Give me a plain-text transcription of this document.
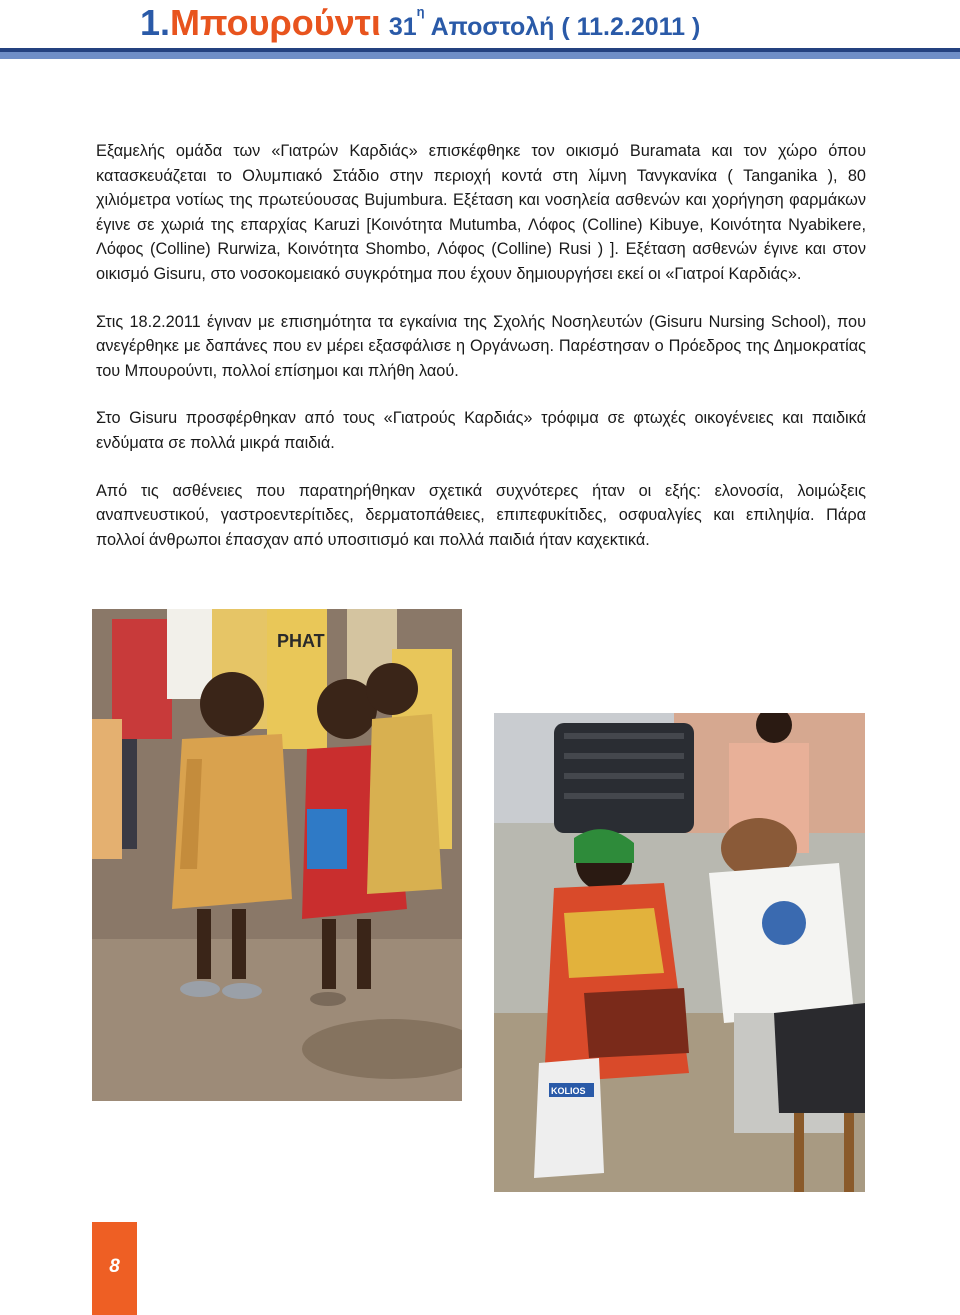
1.Μπουρούντι $31^\eta$ Αποστολή ( 11.2.2011 )

Εξαμελής ομάδα των «Γιατρών Καρδιάς» επισκέφθηκε τον οικισμό Buramata και τον χώρο όπου κατασκευάζεται το Ολυμπιακό Στάδιο στην περιοχή κοντά στη λίμνη Τανγκανίκα ( Tanganika ), 80 χιλιόμετρα νοτίως της πρωτεύουσας Bujumbura. Εξέταση και νοσηλεία ασθενών και χορήγηση φαρμάκων έγινε σε χωριά της επαρχίας Karuzi [Κοινότητα Mutumba, Λόφος (Colline) Kibuye, Κοινότητα Nyabikere, Λόφος (Colline) Rurwiza, Κοινότητα Shombo, Λόφος (Colline) Rusi ) ]. Εξέταση ασθενών έγινε και στον οικισμό Gisuru, στο νοσοκομειακό συγκρότημα που έχουν δημιουργήσει εκεί οι «Γιατροί Καρδιάς».

Στις 18.2.2011 έγιναν με επισημότητα τα εγκαίνια της Σχολής Νοσηλευτών (Gisuru Nursing School), που ανεγέρθηκε με δαπάνες που εν μέρει εξασφάλισε η Οργάνωση. Παρέστησαν ο Πρόεδρος της Δημοκρατίας του Μπουρούντι, πολλοί επίσημοι και πλήθη λαού.

Στο Gisuru προσφέρθηκαν από τους «Γιατρούς Καρδιάς» τρόφιμα σε φτωχές οικογένειες και παιδικά ενδύματα σε πολλά μικρά παιδιά.

Από τις ασθένειες που παρατηρήθηκαν σχετικά συχνότερες ήταν οι εξής: ελονοσία, λοιμώξεις αναπνευστικού, γαστροεντερίτιδες, δερματοπάθειες, επιπεφυκίτιδες, οσφυαλγίες και επιληψία. Πάρα πολλοί άνθρωποι έπασχαν από υποσιτισμό και πολλά παιδιά ήταν καχεκτικά.

PHAT
KOLIOS
8
